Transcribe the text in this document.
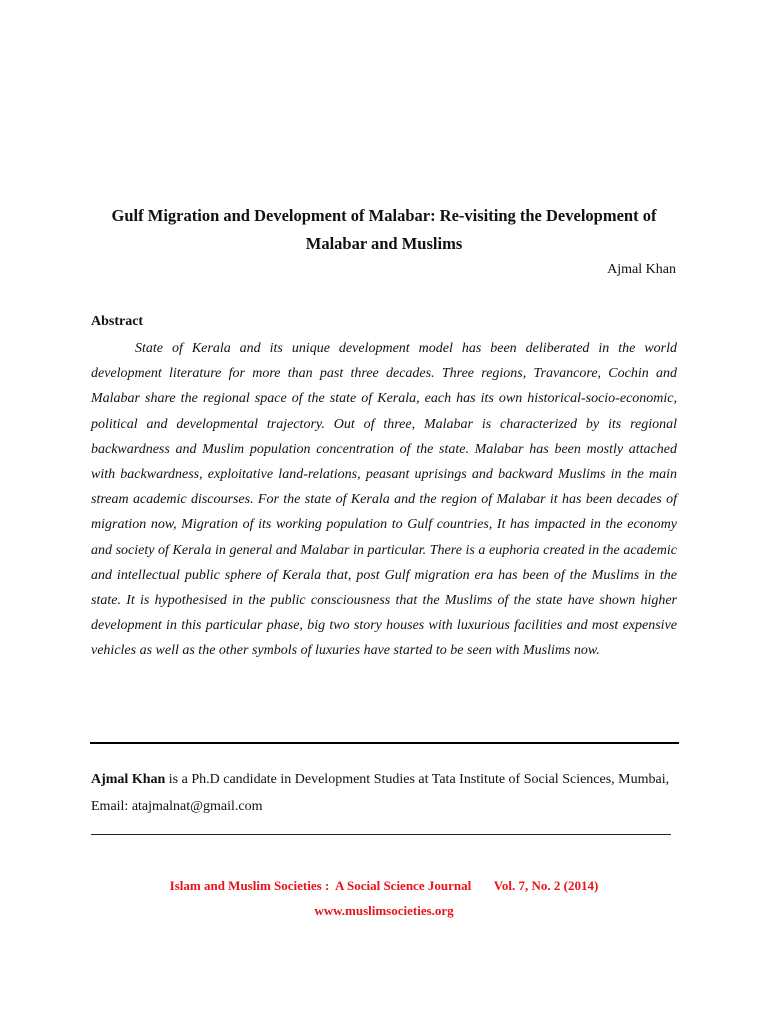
Gulf Migration and Development of Malabar: Re-visiting the Development of Malabar and Muslims
Ajmal Khan
Abstract

State of Kerala and its unique development model has been deliberated in the world development literature for more than past three decades. Three regions, Travancore, Cochin and Malabar share the regional space of the state of Kerala, each has its own historical-socio-economic, political and developmental trajectory. Out of three, Malabar is characterized by its regional backwardness and Muslim population concentration of the state. Malabar has been mostly attached with backwardness, exploitative land-relations, peasant uprisings and backward Muslims in the main stream academic discourses. For the state of Kerala and the region of Malabar it has been decades of migration now, Migration of its working population to Gulf countries, It has impacted in the economy and society of Kerala in general and Malabar in particular. There is a euphoria created in the academic and intellectual public sphere of Kerala that, post Gulf migration era has been of the Muslims in the state. It is hypothesised in the public consciousness that the Muslims of the state have shown higher development in this particular phase, big two story houses with luxurious facilities and most expensive vehicles as well as the other symbols of luxuries have started to be seen with Muslims now.

Ajmal Khan is a Ph.D candidate in Development Studies at Tata Institute of Social Sciences, Mumbai, Email: atajmalnat@gmail.com

Islam and Muslim Societies :  A Social Science Journal Vol. 7, No. 2 (2014)
www.muslimsocieties.org
